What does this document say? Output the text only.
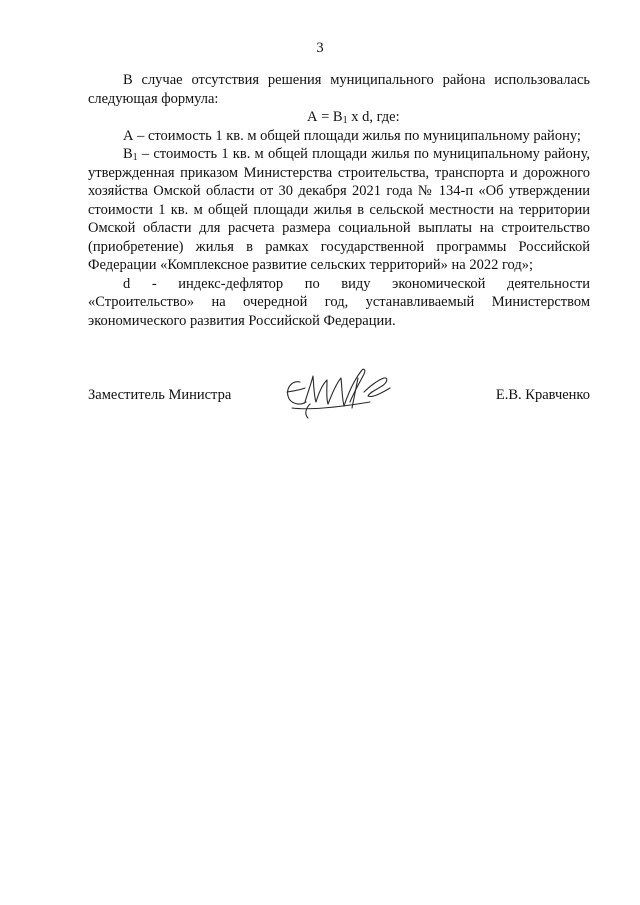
3

В случае отсутствия решения муниципального района использовалась следующая формула:

$А = В_1$ х d, где:

А – стоимость 1 кв. м общей площади жилья по муниципальному району;

$В_1$ – стоимость 1 кв. м общей площади жилья по муниципальному району, утвержденная приказом Министерства строительства, транспорта и дорожного хозяйства Омской области от 30 декабря 2021 года № 134-п «Об утверждении стоимости 1 кв. м общей площади жилья в сельской местности на территории Омской области для расчета размера социальной выплаты на строительство (приобретение) жилья в рамках государственной программы Российской Федерации «Комплексное развитие сельских территорий» на 2022 год»;

d - индекс-дефлятор по виду экономической деятельности «Строительство» на очередной год, устанавливаемый Министерством экономического развития Российской Федерации.

Заместитель Министра	Е.В. Кравченко
